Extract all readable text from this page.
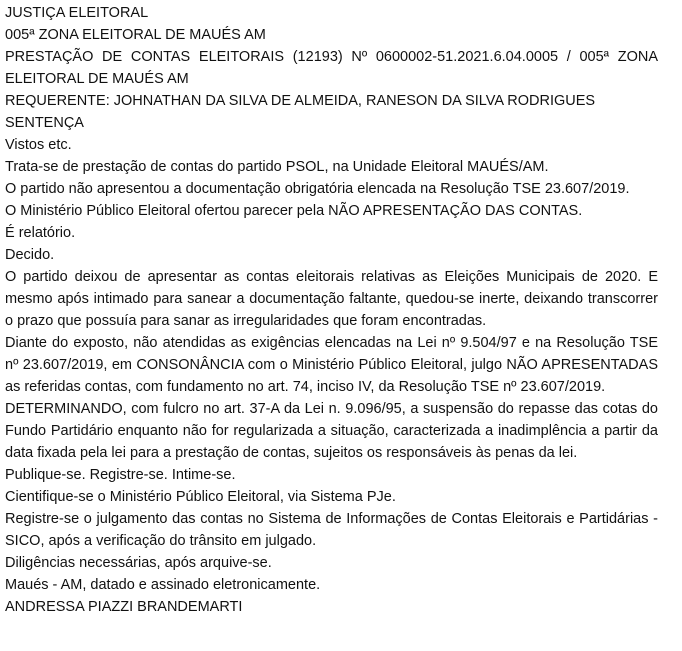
JUSTIÇA ELEITORAL

005ª ZONA ELEITORAL DE MAUÉS AM

PRESTAÇÃO DE CONTAS ELEITORAIS (12193) Nº 0600002-51.2021.6.04.0005 / 005ª ZONA ELEITORAL DE MAUÉS AM

REQUERENTE: JOHNATHAN DA SILVA DE ALMEIDA, RANESON DA SILVA RODRIGUES

SENTENÇA

Vistos etc.

Trata-se de prestação de contas do partido PSOL, na Unidade Eleitoral MAUÉS/AM.

O partido não apresentou a documentação obrigatória elencada na Resolução TSE 23.607/2019.

O Ministério Público Eleitoral ofertou parecer pela NÃO APRESENTAÇÃO DAS CONTAS.

É relatório.

Decido.

O partido deixou de apresentar as contas eleitorais relativas as Eleições Municipais de 2020. E mesmo após intimado para sanear a documentação faltante, quedou-se inerte, deixando transcorrer o prazo que possuía para sanar as irregularidades que foram encontradas.

Diante do exposto, não atendidas as exigências elencadas na Lei nº 9.504/97 e na Resolução TSE nº 23.607/2019, em CONSONÂNCIA com o Ministério Público Eleitoral, julgo NÃO APRESENTADAS as referidas contas, com fundamento no art. 74, inciso IV, da Resolução TSE nº 23.607/2019.

DETERMINANDO, com fulcro no art. 37-A da Lei n. 9.096/95, a suspensão do repasse das cotas do Fundo Partidário enquanto não for regularizada a situação, caracterizada a inadimplência a partir da data fixada pela lei para a prestação de contas, sujeitos os responsáveis às penas da lei.

Publique-se. Registre-se. Intime-se.

Cientifique-se o Ministério Público Eleitoral, via Sistema PJe.

Registre-se o julgamento das contas no Sistema de Informações de Contas Eleitorais e Partidárias - SICO, após a verificação do trânsito em julgado.

Diligências necessárias, após arquive-se.

Maués - AM, datado e assinado eletronicamente.

ANDRESSA PIAZZI BRANDEMARTI
